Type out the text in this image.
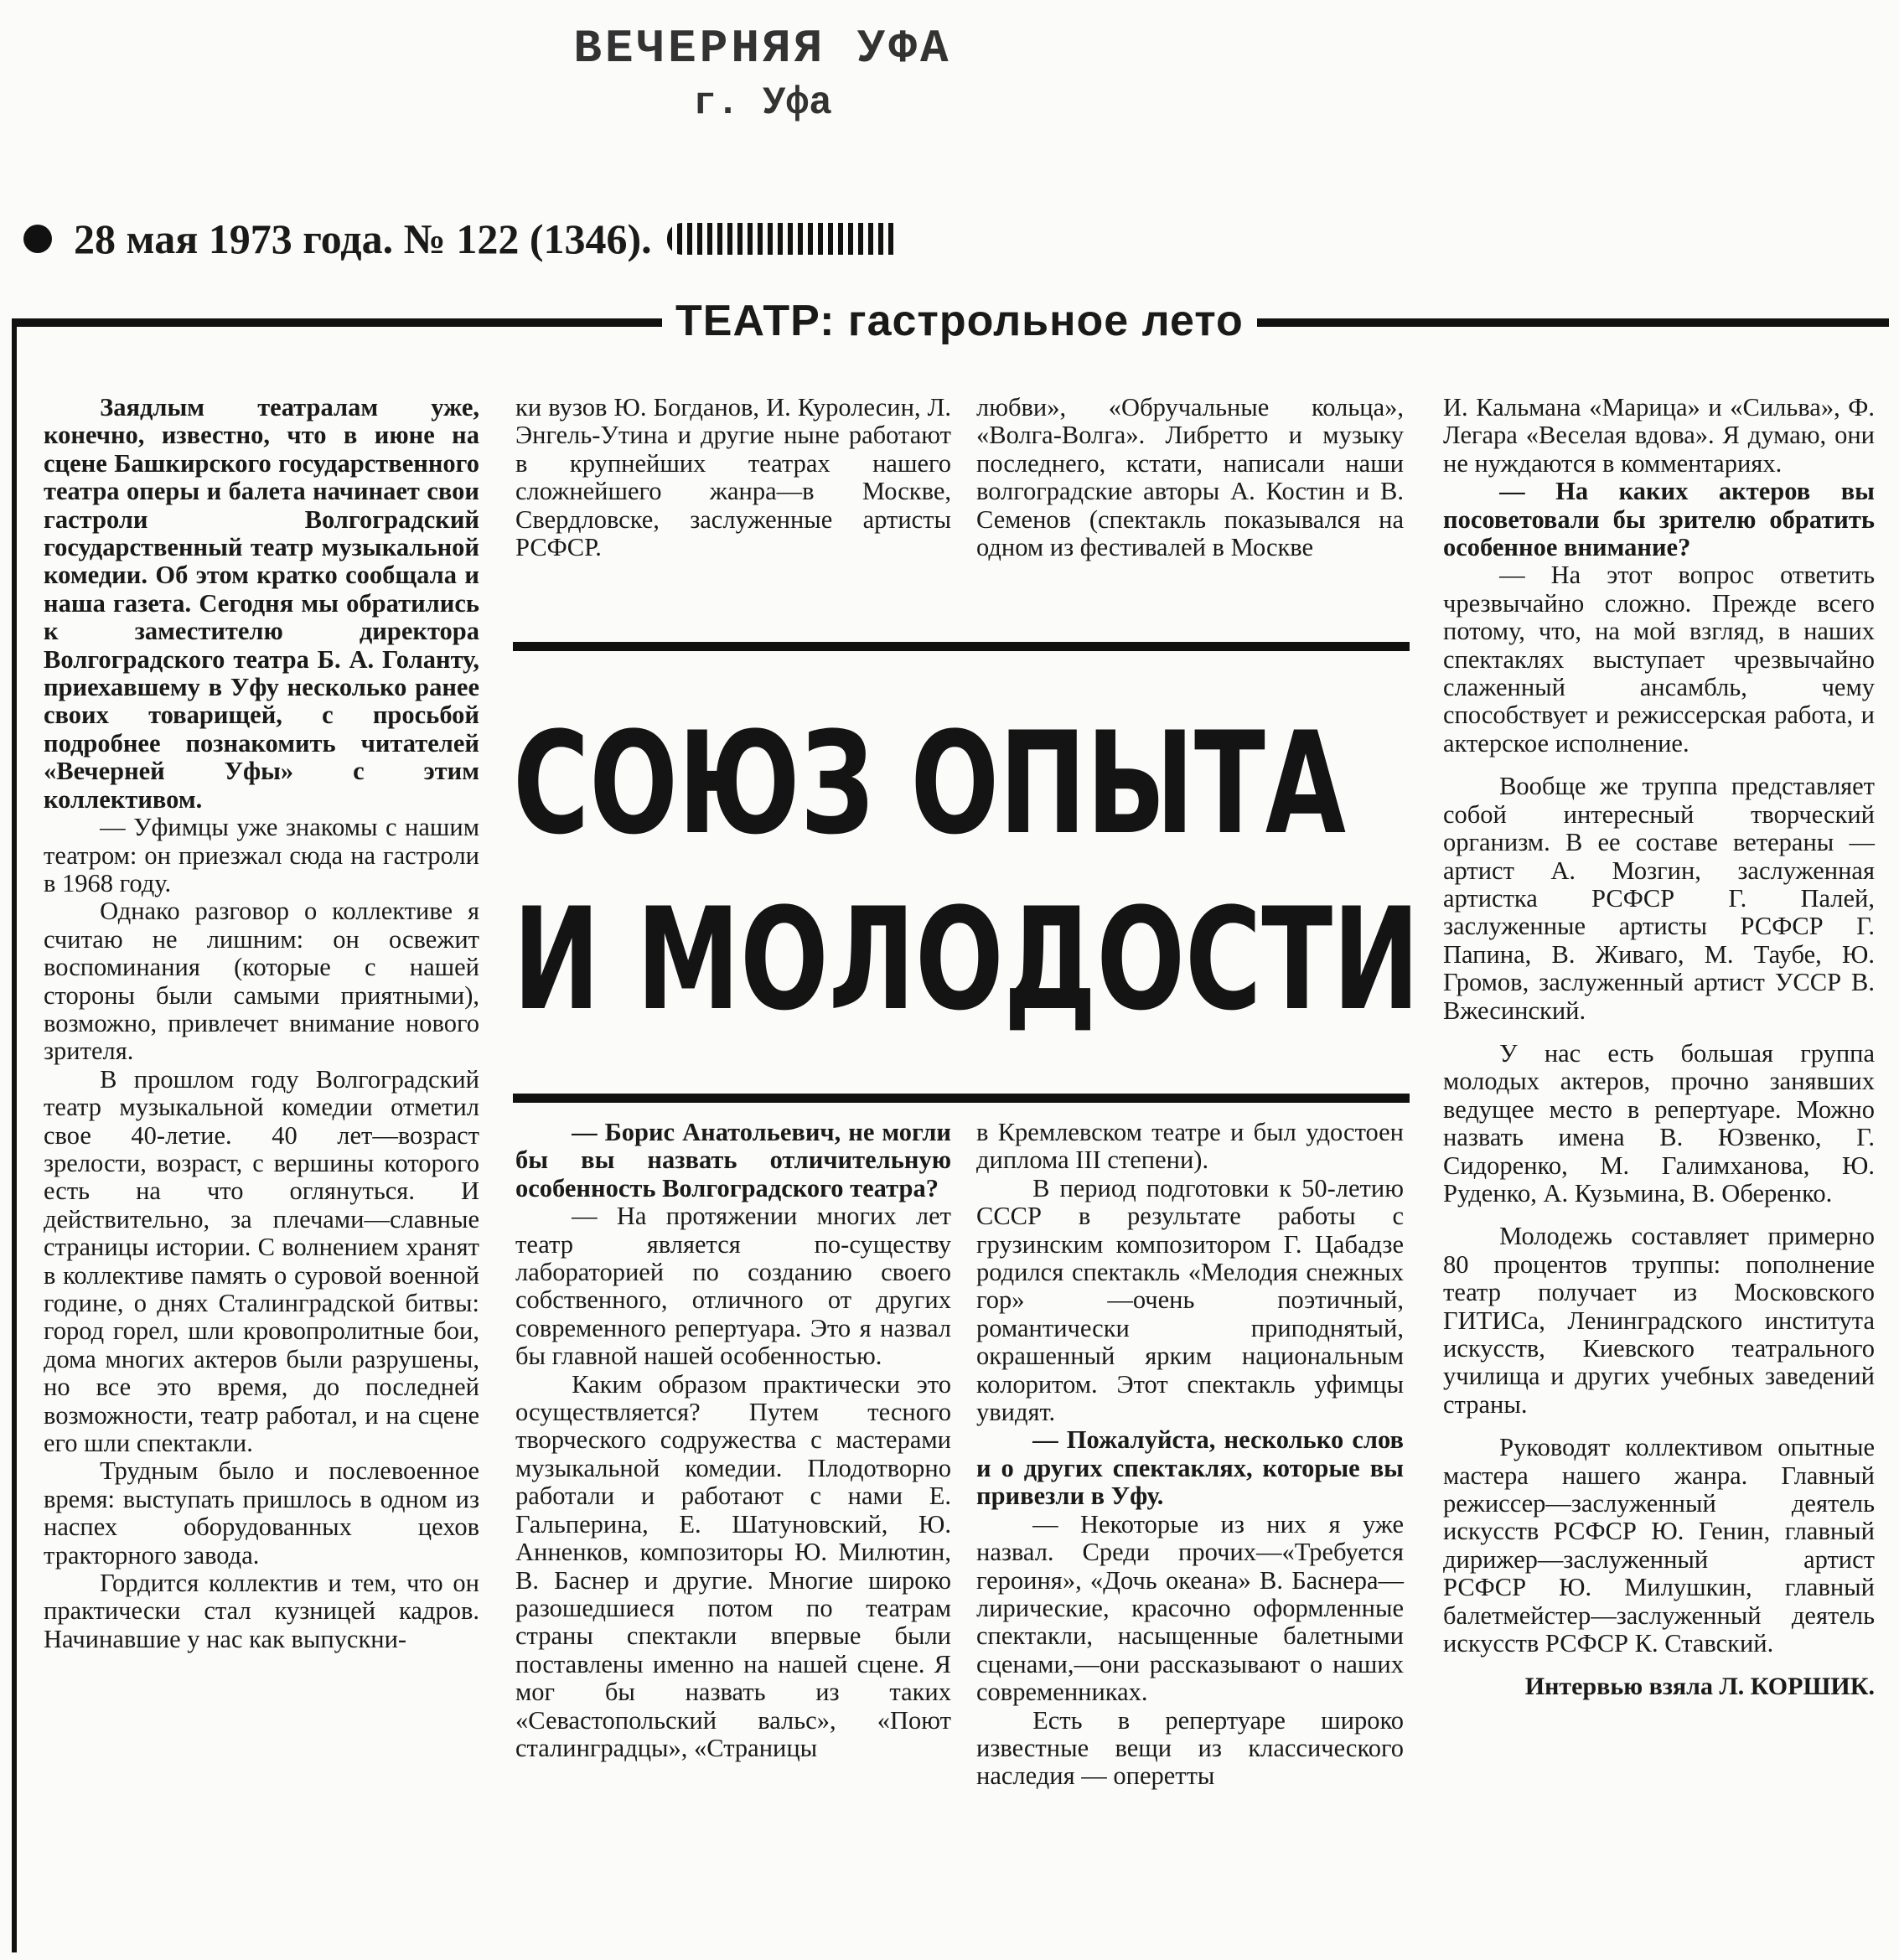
ВЕЧЕРНЯЯ УФА
г. Уфа
28 мая 1973 года. № 122 (1346).
ТЕАТР: гастрольное лето

Заядлым театралам уже, конечно, известно, что в июне на сцене Башкирского государственного театра оперы и балета начинает свои гастроли Волгоградский государственный театр музыкальной комедии. Об этом кратко сообщала и наша газета. Сегодня мы обратились к заместителю директора Волгоградского театра Б. А. Голанту, приехавшему в Уфу несколько ранее своих товарищей, с просьбой подробнее познакомить читателей «Вечерней Уфы» с этим коллективом.

— Уфимцы уже знакомы с нашим театром: он приезжал сюда на гастроли в 1968 году.

Однако разговор о коллективе я считаю не лишним: он освежит воспоминания (которые с нашей стороны были самыми приятными), возможно, привлечет внимание нового зрителя.

В прошлом году Волгоградский театр музыкальной комедии отметил свое 40-летие. 40 лет—возраст зрелости, возраст, с вершины которого есть на что оглянуться. И действительно, за плечами—славные страницы истории. С волнением хранят в коллективе память о суровой военной године, о днях Сталинградской битвы: город горел, шли кровопролитные бои, дома многих актеров были разрушены, но все это время, до последней возможности, театр работал, и на сцене его шли спектакли.

Трудным было и послевоенное время: выступать пришлось в одном из наспех оборудованных цехов тракторного завода.

Гордится коллектив и тем, что он практически стал кузницей кадров. Начинавшие у нас как выпускни-

ки вузов Ю. Богданов, И. Куролесин, Л. Энгель-Утина и другие ныне работают в крупнейших театрах нашего сложнейшего жанра—в Москве, Свердловске, заслуженные артисты РСФСР.

любви», «Обручальные кольца», «Волга-Волга». Либретто и музыку последнего, кстати, написали наши волгоградские авторы А. Костин и В. Семенов (спектакль показывался на одном из фестивалей в Москве

СОЮЗ ОПЫТА
И МОЛОДОСТИ

— Борис Анатольевич, не могли бы вы назвать отличительную особенность Волгоградского театра?

— На протяжении многих лет театр является по-существу лабораторией по созданию своего собственного, отличного от других современного репертуара. Это я назвал бы главной нашей особенностью.

Каким образом практически это осуществляется? Путем тесного творческого содружества с мастерами музыкальной комедии. Плодотворно работали и работают с нами Е. Гальперина, Е. Шатуновский, Ю. Анненков, композиторы Ю. Милютин, В. Баснер и другие. Многие широко разошедшиеся потом по театрам страны спектакли впервые были поставлены именно на нашей сцене. Я мог бы назвать из таких «Севастопольский вальс», «Поют сталинградцы», «Страницы

в Кремлевском театре и был удостоен диплома III степени).

В период подготовки к 50-летию СССР в результате работы с грузинским композитором Г. Цабадзе родился спектакль «Мелодия снежных гор» —очень поэтичный, романтически приподнятый, окрашенный ярким национальным колоритом. Этот спектакль уфимцы увидят.

— Пожалуйста, несколько слов и о других спектаклях, которые вы привезли в Уфу.

— Некоторые из них я уже назвал. Среди прочих—«Требуется героиня», «Дочь океана» В. Баснера—лирические, красочно оформленные спектакли, насыщенные балетными сценами,—они рассказывают о наших современниках.

Есть в репертуаре широко известные вещи из классического наследия — оперетты

И. Кальмана «Марица» и «Сильва», Ф. Легара «Веселая вдова». Я думаю, они не нуждаются в комментариях.

— На каких актеров вы посоветовали бы зрителю обратить особенное внимание?

— На этот вопрос ответить чрезвычайно сложно. Прежде всего потому, что, на мой взгляд, в наших спектаклях выступает чрезвычайно слаженный ансамбль, чему способствует и режиссерская работа, и актерское исполнение.

Вообще же труппа представляет собой интересный творческий организм. В ее составе ветераны — артист А. Мозгин, заслуженная артистка РСФСР Г. Палей, заслуженные артисты РСФСР Г. Папина, В. Живаго, М. Таубе, Ю. Громов, заслуженный артист УССР В. Вжесинский.

У нас есть большая группа молодых актеров, прочно занявших ведущее место в репертуаре. Можно назвать имена В. Юзвенко, Г. Сидоренко, М. Галимханова, Ю. Руденко, А. Кузьмина, В. Оберенко.

Молодежь составляет примерно 80 процентов труппы: пополнение театр получает из Московского ГИТИСа, Ленинградского института искусств, Киевского театрального училища и других учебных заведений страны.

Руководят коллективом опытные мастера нашего жанра. Главный режиссер—заслуженный деятель искусств РСФСР Ю. Генин, главный дирижер—заслуженный артист РСФСР Ю. Милушкин, главный балетмейстер—заслуженный деятель искусств РСФСР К. Ставский.

Интервью взяла Л. КОРШИК.
